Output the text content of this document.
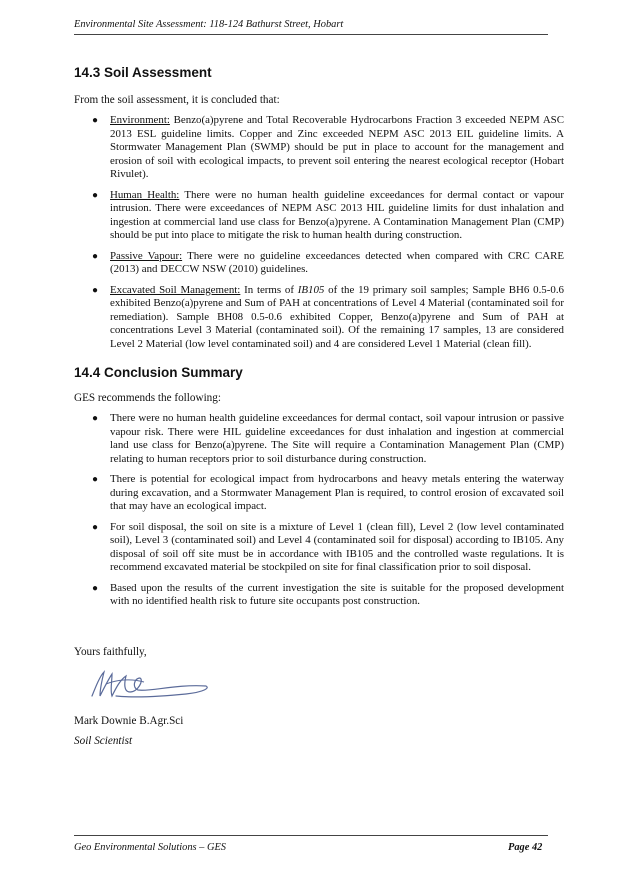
Environmental Site Assessment: 118-124 Bathurst Street, Hobart
14.3 Soil Assessment
From the soil assessment, it is concluded that:
● Environment: Benzo(a)pyrene and Total Recoverable Hydrocarbons Fraction 3 exceeded NEPM ASC 2013 ESL guideline limits. Copper and Zinc exceeded NEPM ASC 2013 EIL guideline limits. A Stormwater Management Plan (SWMP) should be put in place to account for the management and erosion of soil with ecological impacts, to prevent soil entering the nearest ecological receptor (Hobart Rivulet).
● Human Health: There were no human health guideline exceedances for dermal contact or vapour intrusion. There were exceedances of NEPM ASC 2013 HIL guideline limits for dust inhalation and ingestion at commercial land use class for Benzo(a)pyrene. A Contamination Management Plan (CMP) should be put into place to mitigate the risk to human health during construction.
● Passive Vapour: There were no guideline exceedances detected when compared with CRC CARE (2013) and DECCW NSW (2010) guidelines.
● Excavated Soil Management: In terms of IB105 of the 19 primary soil samples; Sample BH6 0.5-0.6 exhibited Benzo(a)pyrene and Sum of PAH at concentrations of Level 4 Material (contaminated soil for remediation). Sample BH08 0.5-0.6 exhibited Copper, Benzo(a)pyrene and Sum of PAH at concentrations Level 3 Material (contaminated soil). Of the remaining 17 samples, 13 are considered Level 2 Material (low level contaminated soil) and 4 are considered Level 1 Material (clean fill).
14.4 Conclusion Summary
GES recommends the following:
● There were no human health guideline exceedances for dermal contact, soil vapour intrusion or passive vapour risk. There were HIL guideline exceedances for dust inhalation and ingestion at commercial land use class for Benzo(a)pyrene. The Site will require a Contamination Management Plan (CMP) relating to human receptors prior to soil disturbance during construction.
● There is potential for ecological impact from hydrocarbons and heavy metals entering the waterway during excavation, and a Stormwater Management Plan is required, to control erosion of excavated soil that may have an ecological impact.
● For soil disposal, the soil on site is a mixture of Level 1 (clean fill), Level 2 (low level contaminated soil), Level 3 (contaminated soil) and Level 4 (contaminated soil for disposal) according to IB105. Any disposal of soil off site must be in accordance with IB105 and the controlled waste regulations. It is recommend excavated material be stockpiled on site for final classification prior to soil disposal.
● Based upon the results of the current investigation the site is suitable for the proposed development with no identified health risk to future site occupants post construction.
Yours faithfully,
Mark Downie B.Agr.Sci
Soil Scientist
Geo Environmental Solutions – GES	Page 42
